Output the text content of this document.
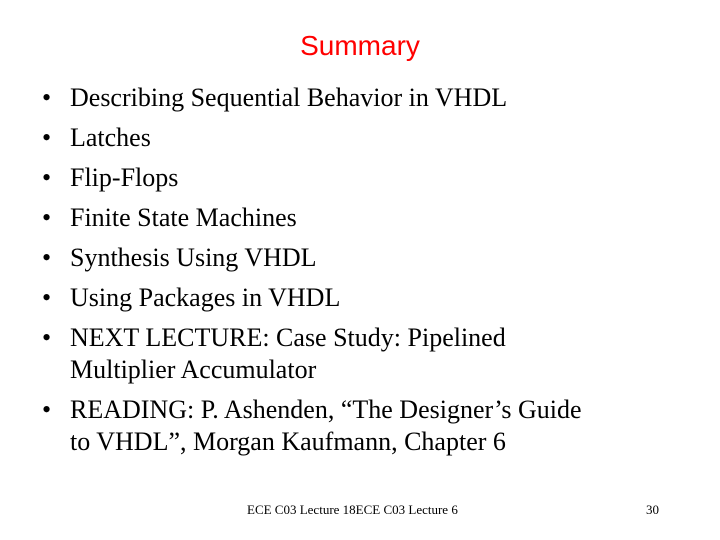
Summary
• Describing Sequential Behavior in VHDL
• Latches
• Flip-Flops
• Finite State Machines
• Synthesis Using VHDL
• Using Packages in VHDL
• NEXT LECTURE: Case Study: Pipelined
Multiplier Accumulator
• READING: P. Ashenden, “The Designer’s Guide
to VHDL”, Morgan Kaufmann, Chapter 6
ECE C03 Lecture 18ECE C03 Lecture 6	30
